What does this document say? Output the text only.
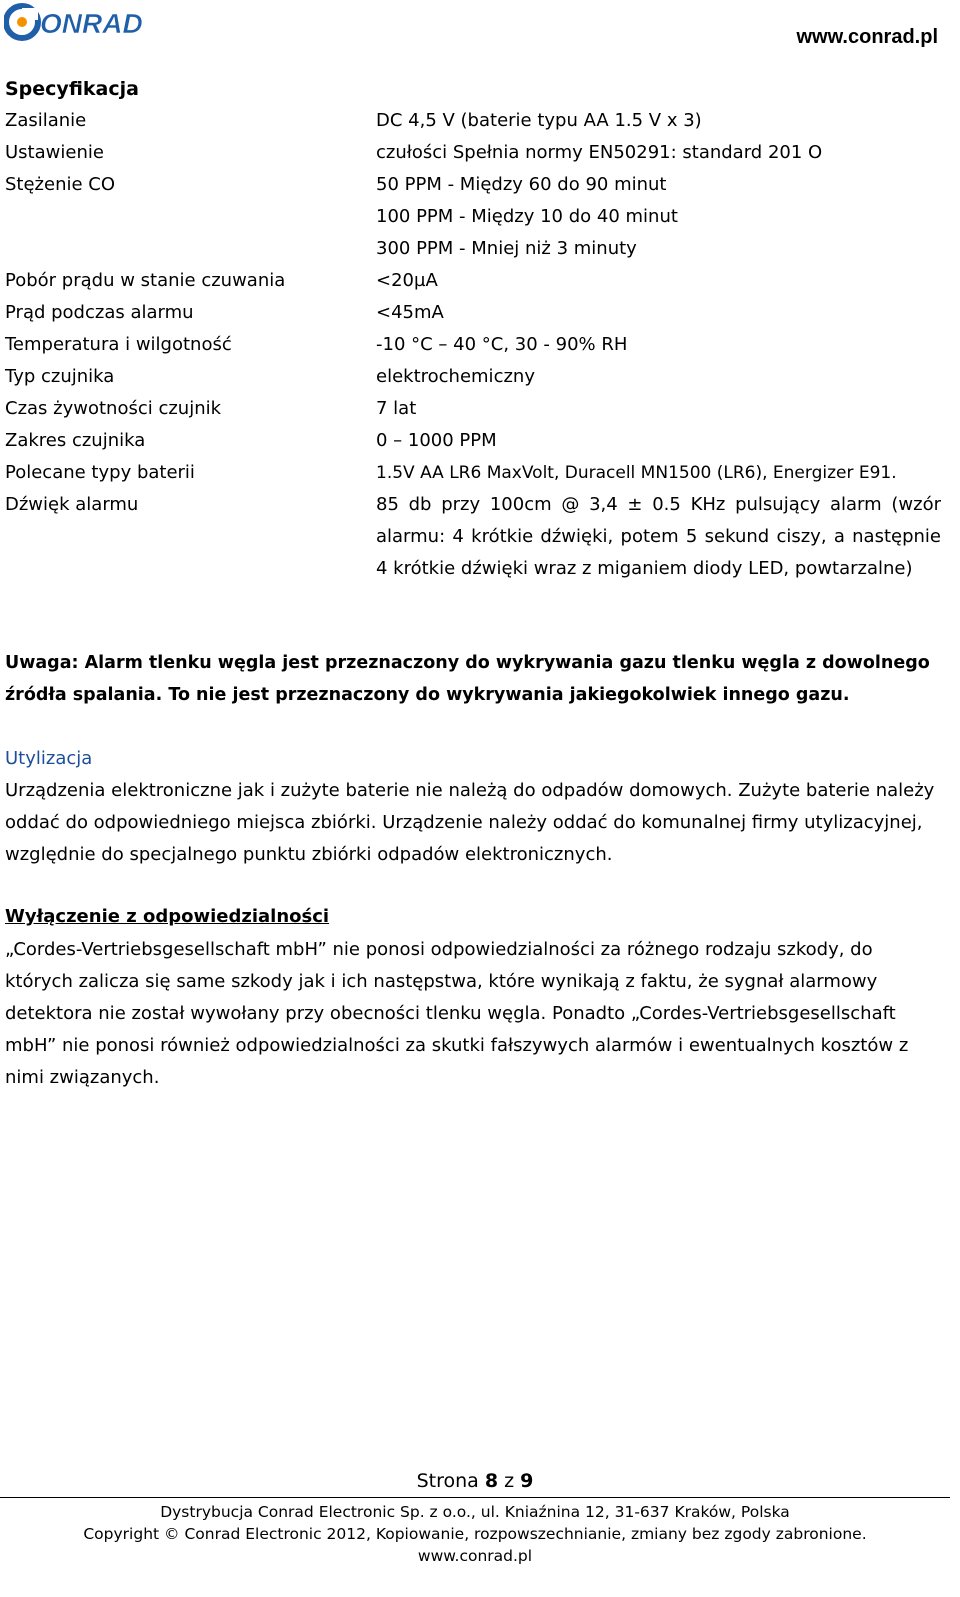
ONRAD	www.conrad.pl
Specyfikacja
Zasilanie	DC 4,5 V (baterie typu AA 1.5 V x 3)
Ustawienie	czułości Spełnia normy EN50291: standard 201 O
Stężenie CO	50 PPM - Między 60 do 90 minut
100 PPM - Między 10 do 40 minut
300 PPM - Mniej niż 3 minuty
Pobór prądu w stanie czuwania	<20µA
Prąd podczas alarmu	<45mA
Temperatura i wilgotność	-10 °C – 40 °C, 30 - 90% RH
Typ czujnika	elektrochemiczny
Czas żywotności czujnik	7 lat
Zakres czujnika	0 – 1000 PPM
Polecane typy baterii	1.5V AA LR6 MaxVolt, Duracell MN1500 (LR6), Energizer E91.
Dźwięk alarmu	85 db przy 100cm @ 3,4 ± 0.5 KHz pulsujący alarm (wzór alarmu: 4 krótkie dźwięki, potem 5 sekund ciszy, a następnie 4 krótkie dźwięki wraz z miganiem diody LED, powtarzalne)
Uwaga: Alarm tlenku węgla jest przeznaczony do wykrywania gazu tlenku węgla z dowolnego źródła spalania. To nie jest przeznaczony do wykrywania jakiegokolwiek innego gazu.
Utylizacja
Urządzenia elektroniczne jak i zużyte baterie nie należą do odpadów domowych. Zużyte baterie należy oddać do odpowiedniego miejsca zbiórki. Urządzenie należy oddać do komunalnej firmy utylizacyjnej, względnie do specjalnego punktu zbiórki odpadów elektronicznych.
Wyłączenie z odpowiedzialności
„Cordes-Vertriebsgesellschaft mbH” nie ponosi odpowiedzialności za różnego rodzaju szkody, do których zalicza się same szkody jak i ich następstwa, które wynikają z faktu, że sygnał alarmowy detektora nie został wywołany przy obecności tlenku węgla. Ponadto „Cordes-Vertriebsgesellschaft mbH” nie ponosi również odpowiedzialności za skutki fałszywych alarmów i ewentualnych kosztów z nimi związanych.
Strona 8 z 9
Dystrybucja Conrad Electronic Sp. z o.o., ul. Kniaźnina 12, 31-637 Kraków, Polska
Copyright © Conrad Electronic 2012, Kopiowanie, rozpowszechnianie, zmiany bez zgody zabronione.
www.conrad.pl
